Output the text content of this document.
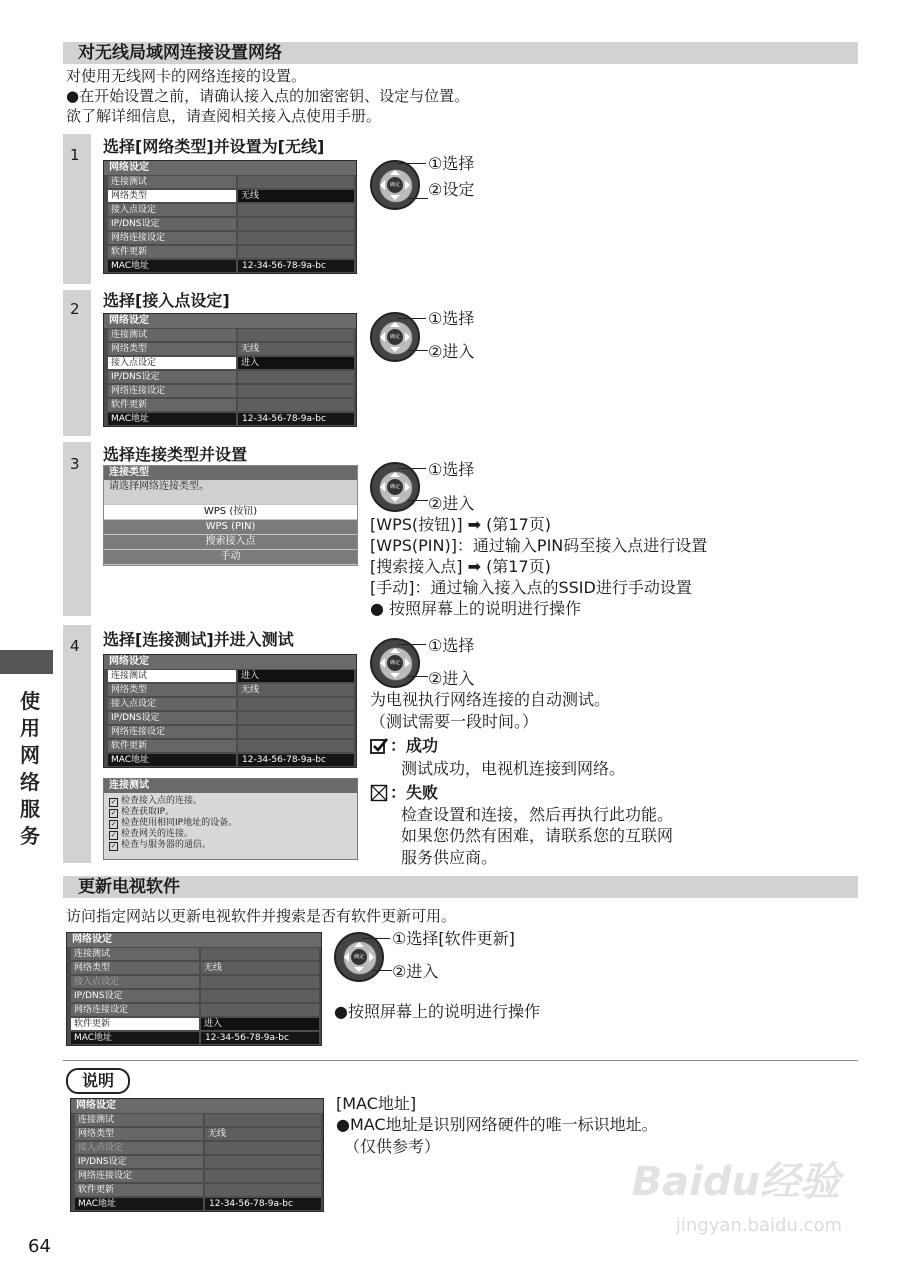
对无线局域网连接设置网络
对使用无线网卡的网络连接的设置。
●在开始设置之前，请确认接入点的加密密钥、设定与位置。
欲了解详细信息，请查阅相关接入点使用手册。
1 选择[网络类型]并设置为[无线]
网络设定
连接测试
网络类型	无线
接入点设定
IP/DNS设定
网络连接设定
软件更新
MAC地址	12-34-56-78-9a-bc
确定
①选择
②设定
2 选择[接入点设定]
网络设定
连接测试
网络类型	无线
接入点设定	进入
IP/DNS设定
网络连接设定
软件更新
MAC地址	12-34-56-78-9a-bc
确定
①选择
②进入
3 选择连接类型并设置
连接类型
请选择网络连接类型。
WPS (按钮)
WPS (PIN)
搜索接入点
手动
确定
①选择
②进入
[WPS(按钮)] ➡ (第17页)
[WPS(PIN)]：通过输入PIN码至接入点进行设置
[搜索接入点] ➡ (第17页)
[手动]：通过输入接入点的SSID进行手动设置
● 按照屏幕上的说明进行操作
4 选择[连接测试]并进入测试
网络设定
连接测试	进入
网络类型	无线
接入点设定
IP/DNS设定
网络连接设定
软件更新
MAC地址	12-34-56-78-9a-bc
连接测试
✓ 检查接入点的连接。
✓ 检查获取IP。
✓ 检查使用相同IP地址的设备。
✓ 检查网关的连接。
✓ 检查与服务器的通信。
确定
①选择
②进入
为电视执行网络连接的自动测试。
（测试需要一段时间。）
：成功
测试成功，电视机连接到网络。
：失败
检查设置和连接，然后再执行此功能。
如果您仍然有困难，请联系您的互联网
服务供应商。
使
用
网
络
服
务
更新电视软件
访问指定网站以更新电视软件并搜索是否有软件更新可用。
网络设定
连接测试
网络类型	无线
接入点设定
IP/DNS设定
网络连接设定
软件更新	进入
MAC地址	12-34-56-78-9a-bc
确定
①选择[软件更新]
②进入
●按照屏幕上的说明进行操作
说明
网络设定
连接测试
网络类型	无线
接入点设定
IP/DNS设定
网络连接设定
软件更新
MAC地址	12-34-56-78-9a-bc
[MAC地址]
●MAC地址是识别网络硬件的唯一标识地址。
（仅供参考）
64
Baidu经验
jingyan.baidu.com
